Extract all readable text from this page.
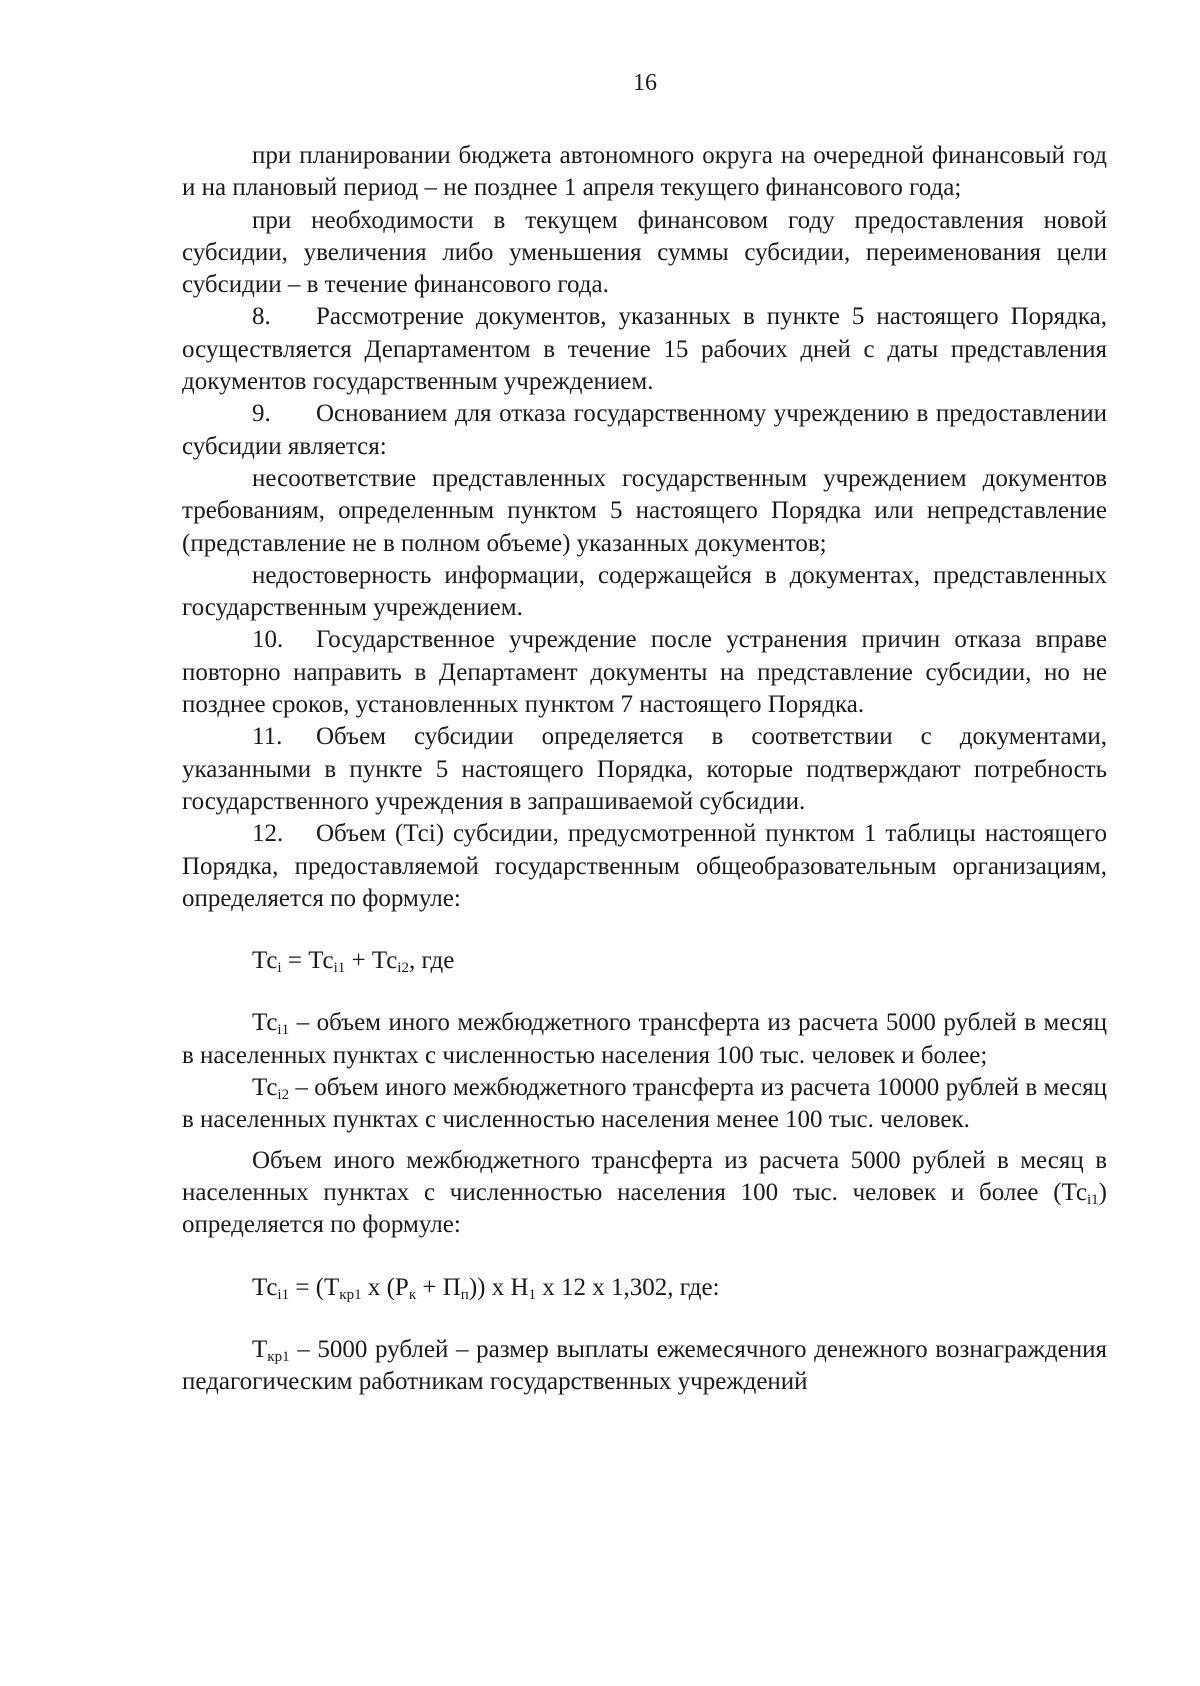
16

при планировании бюджета автономного округа на очередной финансовый год и на плановый период – не позднее 1 апреля текущего финансового года;

при необходимости в текущем финансовом году предоставления новой субсидии, увеличения либо уменьшения суммы субсидии, переименования цели субсидии – в течение финансового года.

8. Рассмотрение документов, указанных в пункте 5 настоящего Порядка, осуществляется Департаментом в течение 15 рабочих дней с даты представления документов государственным учреждением.

9. Основанием для отказа государственному учреждению в предоставлении субсидии является:

несоответствие представленных государственным учреждением документов требованиям, определенным пунктом 5 настоящего Порядка или непредставление (представление не в полном объеме) указанных документов;

недостоверность информации, содержащейся в документах, представленных государственным учреждением.

10. Государственное учреждение после устранения причин отказа вправе повторно направить в Департамент документы на представление субсидии, но не позднее сроков, установленных пунктом 7 настоящего Порядка.

11. Объем субсидии определяется в соответствии с документами, указанными в пункте 5 настоящего Порядка, которые подтверждают потребность государственного учреждения в запрашиваемой субсидии.

12. Объем (Тсi) субсидии, предусмотренной пунктом 1 таблицы настоящего Порядка, предоставляемой государственным общеобразовательным организациям, определяется по формуле:

$Тс_i = Тс_{i1} + Тс_{i2}$, где

$Тс_{i1}$ – объем иного межбюджетного трансферта из расчета 5000 рублей в месяц в населенных пунктах с численностью населения 100 тыс. человек и более;

$Тс_{i2}$ – объем иного межбюджетного трансферта из расчета 10000 рублей в месяц в населенных пунктах с численностью населения менее 100 тыс. человек.

Объем иного межбюджетного трансферта из расчета 5000 рублей в месяц в населенных пунктах с численностью населения 100 тыс. человек и более $(Тс_{i1})$ определяется по формуле:

$Тс_{i1} = (Т_{кр1}$ х $(Р_к + П_п)$) х $Н_1$ х 12 х 1,302, где:

$Т_{кр1} - 5000$ рублей – размер выплаты ежемесячного денежного вознаграждения педагогическим работникам государственных учреждений
